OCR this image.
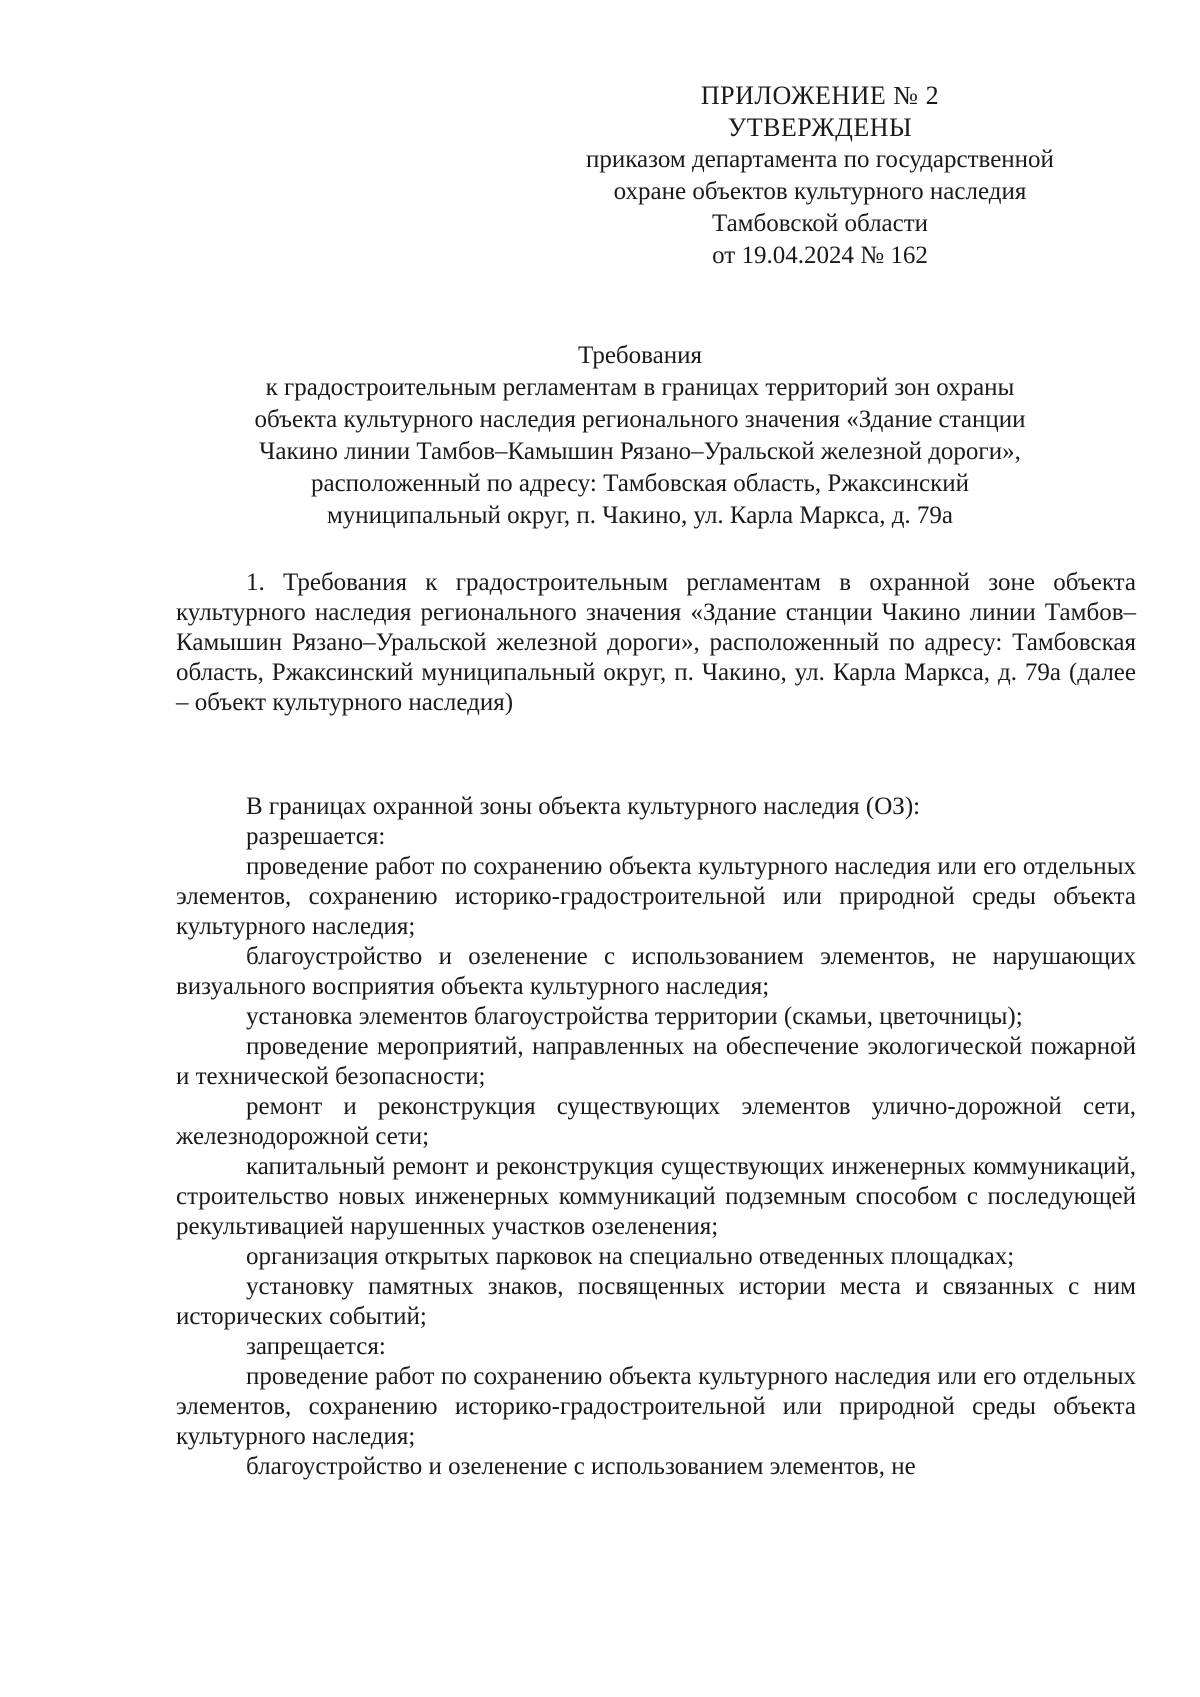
ПРИЛОЖЕНИЕ № 2
УТВЕРЖДЕНЫ
приказом департамента по государственной
охране объектов культурного наследия
Тамбовской области
от 19.04.2024 № 162
Требования
к градостроительным регламентам в границах территорий зон охраны
объекта культурного наследия регионального значения «Здание станции
Чакино линии Тамбов–Камышин Рязано–Уральской железной дороги»,
расположенный по адресу: Тамбовская область, Ржаксинский
муниципальный округ, п. Чакино, ул. Карла Маркса, д. 79а
1. Требования к градостроительным регламентам в охранной зоне объекта культурного наследия регионального значения «Здание станции Чакино линии Тамбов–Камышин Рязано–Уральской железной дороги», расположенный по адресу: Тамбовская область, Ржаксинский муниципальный округ, п. Чакино, ул. Карла Маркса, д. 79а (далее – объект культурного наследия)

В границах охранной зоны объекта культурного наследия (ОЗ):

разрешается:

проведение работ по сохранению объекта культурного наследия или его отдельных элементов, сохранению историко-градостроительной или природной среды объекта культурного наследия;

благоустройство и озеленение с использованием элементов, не нарушающих визуального восприятия объекта культурного наследия;

установка элементов благоустройства территории (скамьи, цветочницы);

проведение мероприятий, направленных на обеспечение экологической пожарной и технической безопасности;

ремонт и реконструкция существующих элементов улично-дорожной сети, железнодорожной сети;

капитальный ремонт и реконструкция существующих инженерных коммуникаций, строительство новых инженерных коммуникаций подземным способом с последующей рекультивацией нарушенных участков озеленения;

организация открытых парковок на специально отведенных площадках;

установку памятных знаков, посвященных истории места и связанных с ним исторических событий;

запрещается:

проведение работ по сохранению объекта культурного наследия или его отдельных элементов, сохранению историко-градостроительной или природной среды объекта культурного наследия;

благоустройство и озеленение с использованием элементов, не
